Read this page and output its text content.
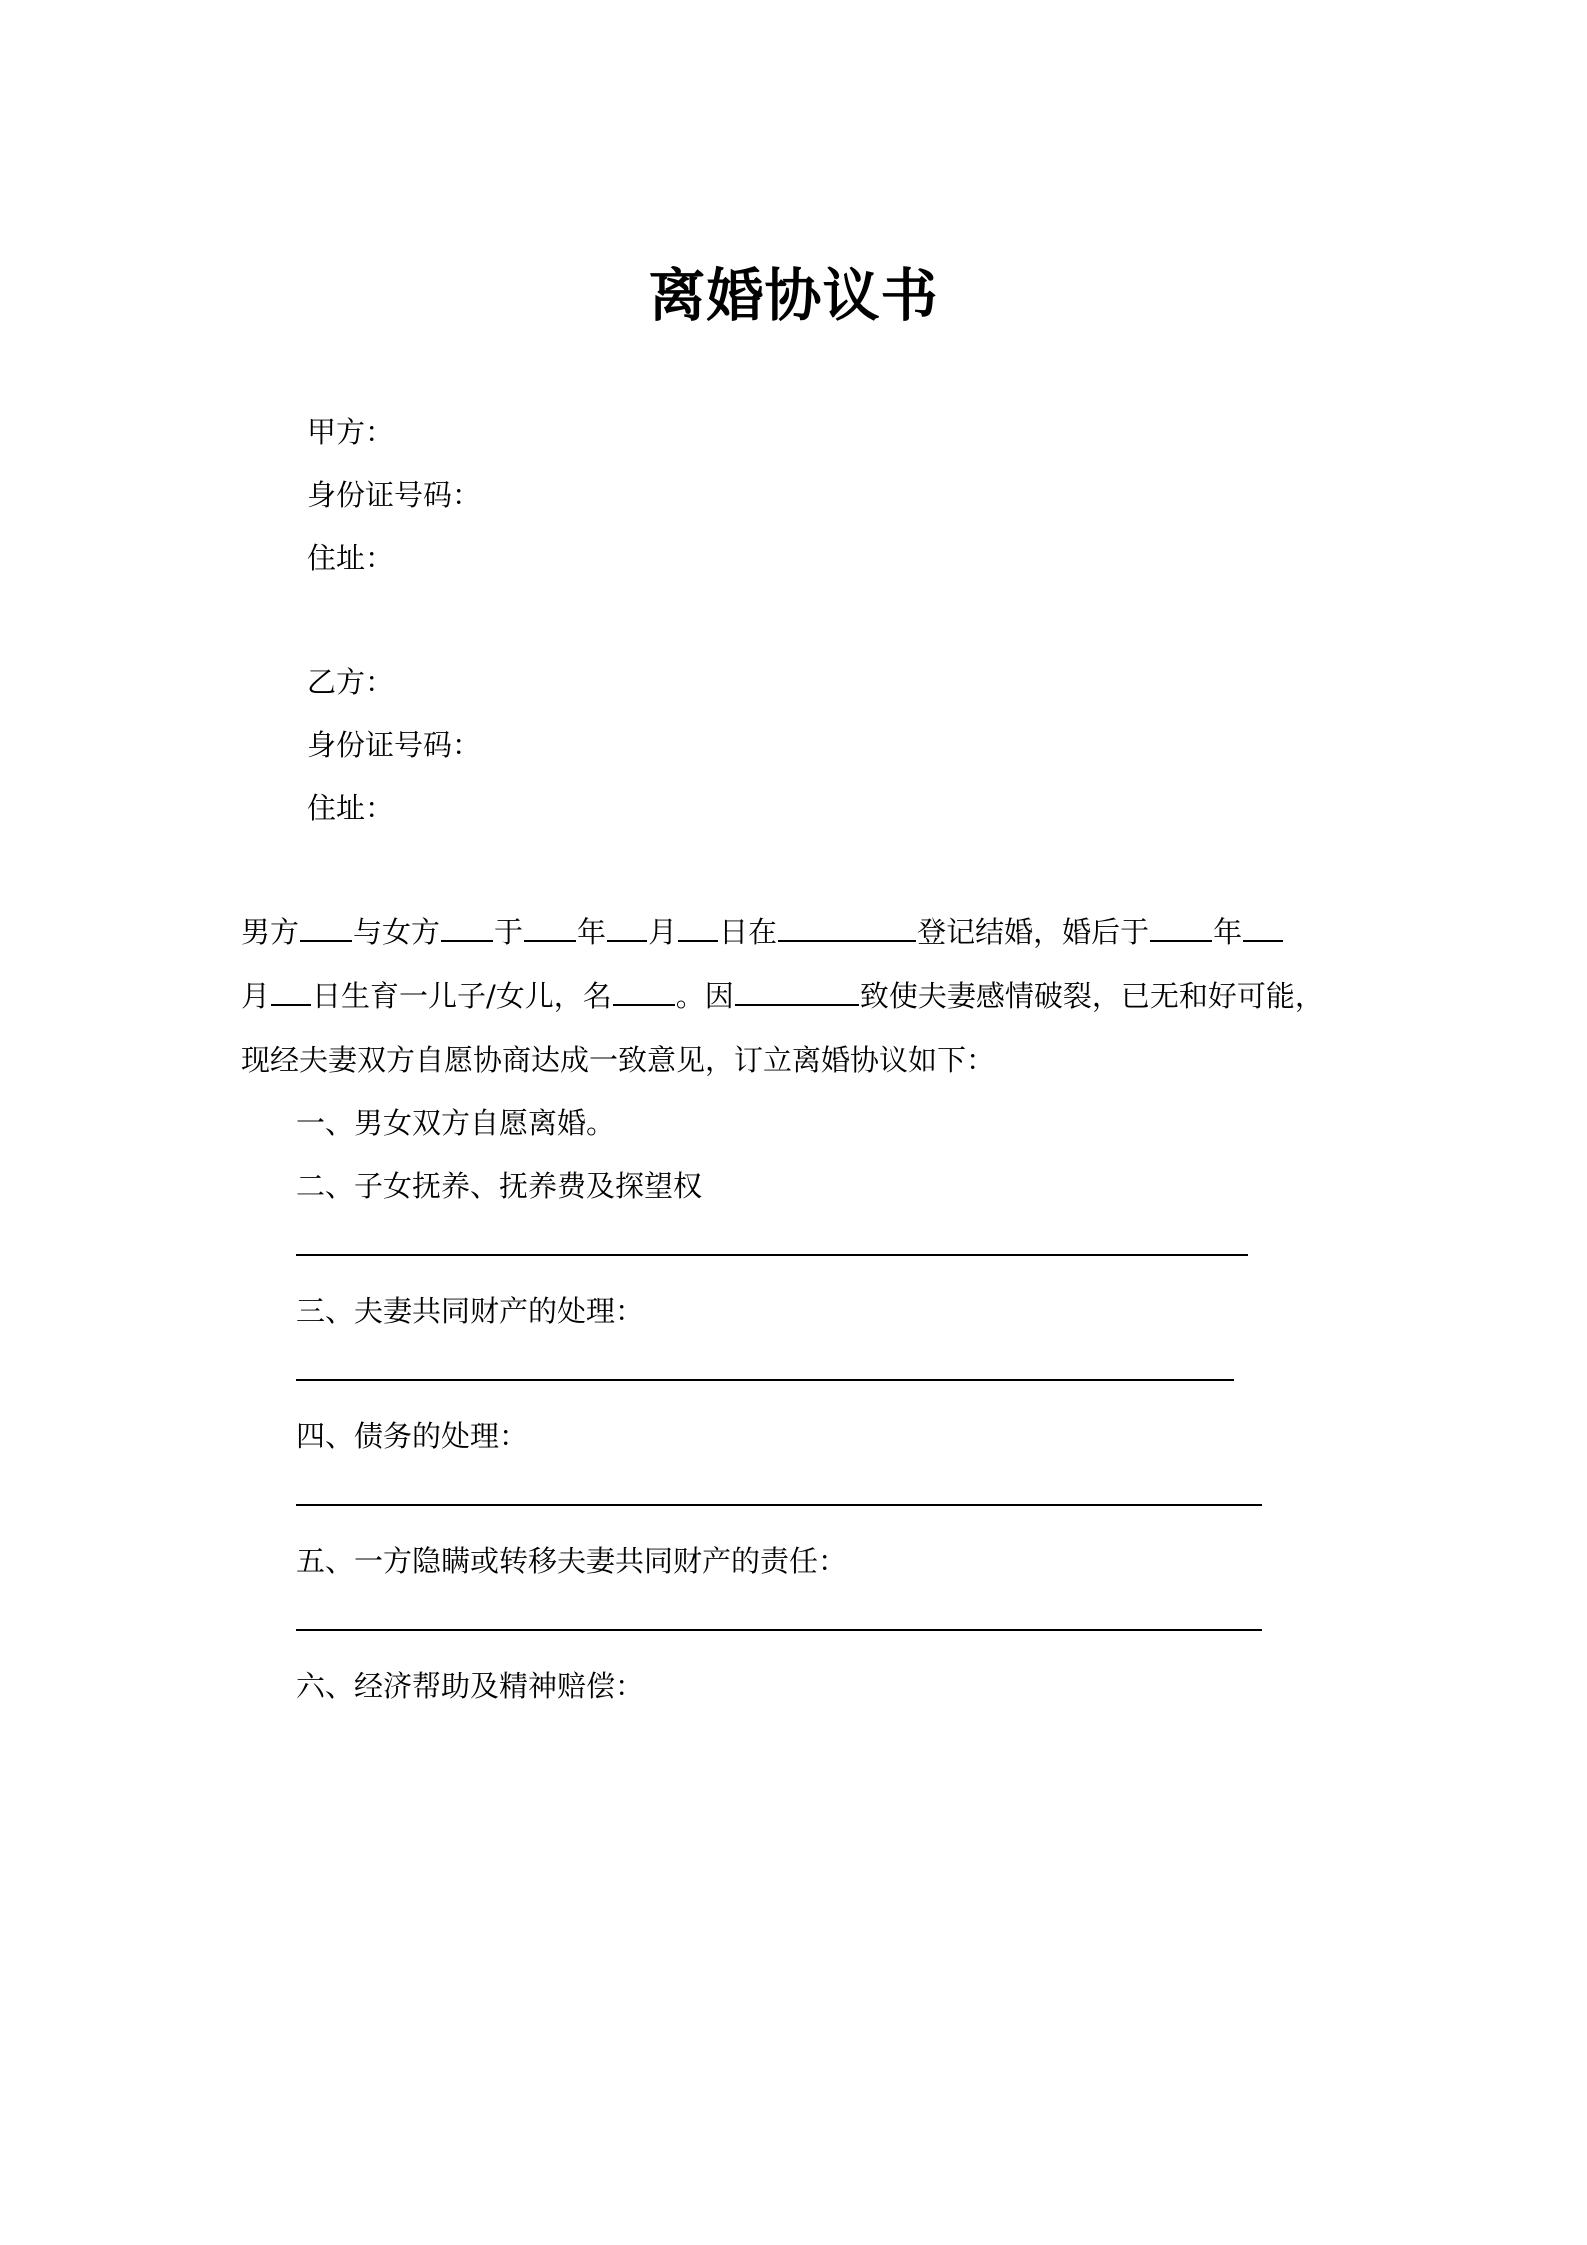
离婚协议书
甲方：
身份证号码：
住址：
乙方：
身份证号码：
住址：
男方 与女方 于 年 月 日在	登记结婚，婚后于 年
月 日生育一儿子/女儿，名 。因	致使夫妻感情破裂，已无和好可能，
现经夫妻双方自愿协商达成一致意见，订立离婚协议如下：
一、男女双方自愿离婚。
二、子女抚养、抚养费及探望权
三、夫妻共同财产的处理：
四、债务的处理：
五、一方隐瞒或转移夫妻共同财产的责任：
六、经济帮助及精神赔偿：
